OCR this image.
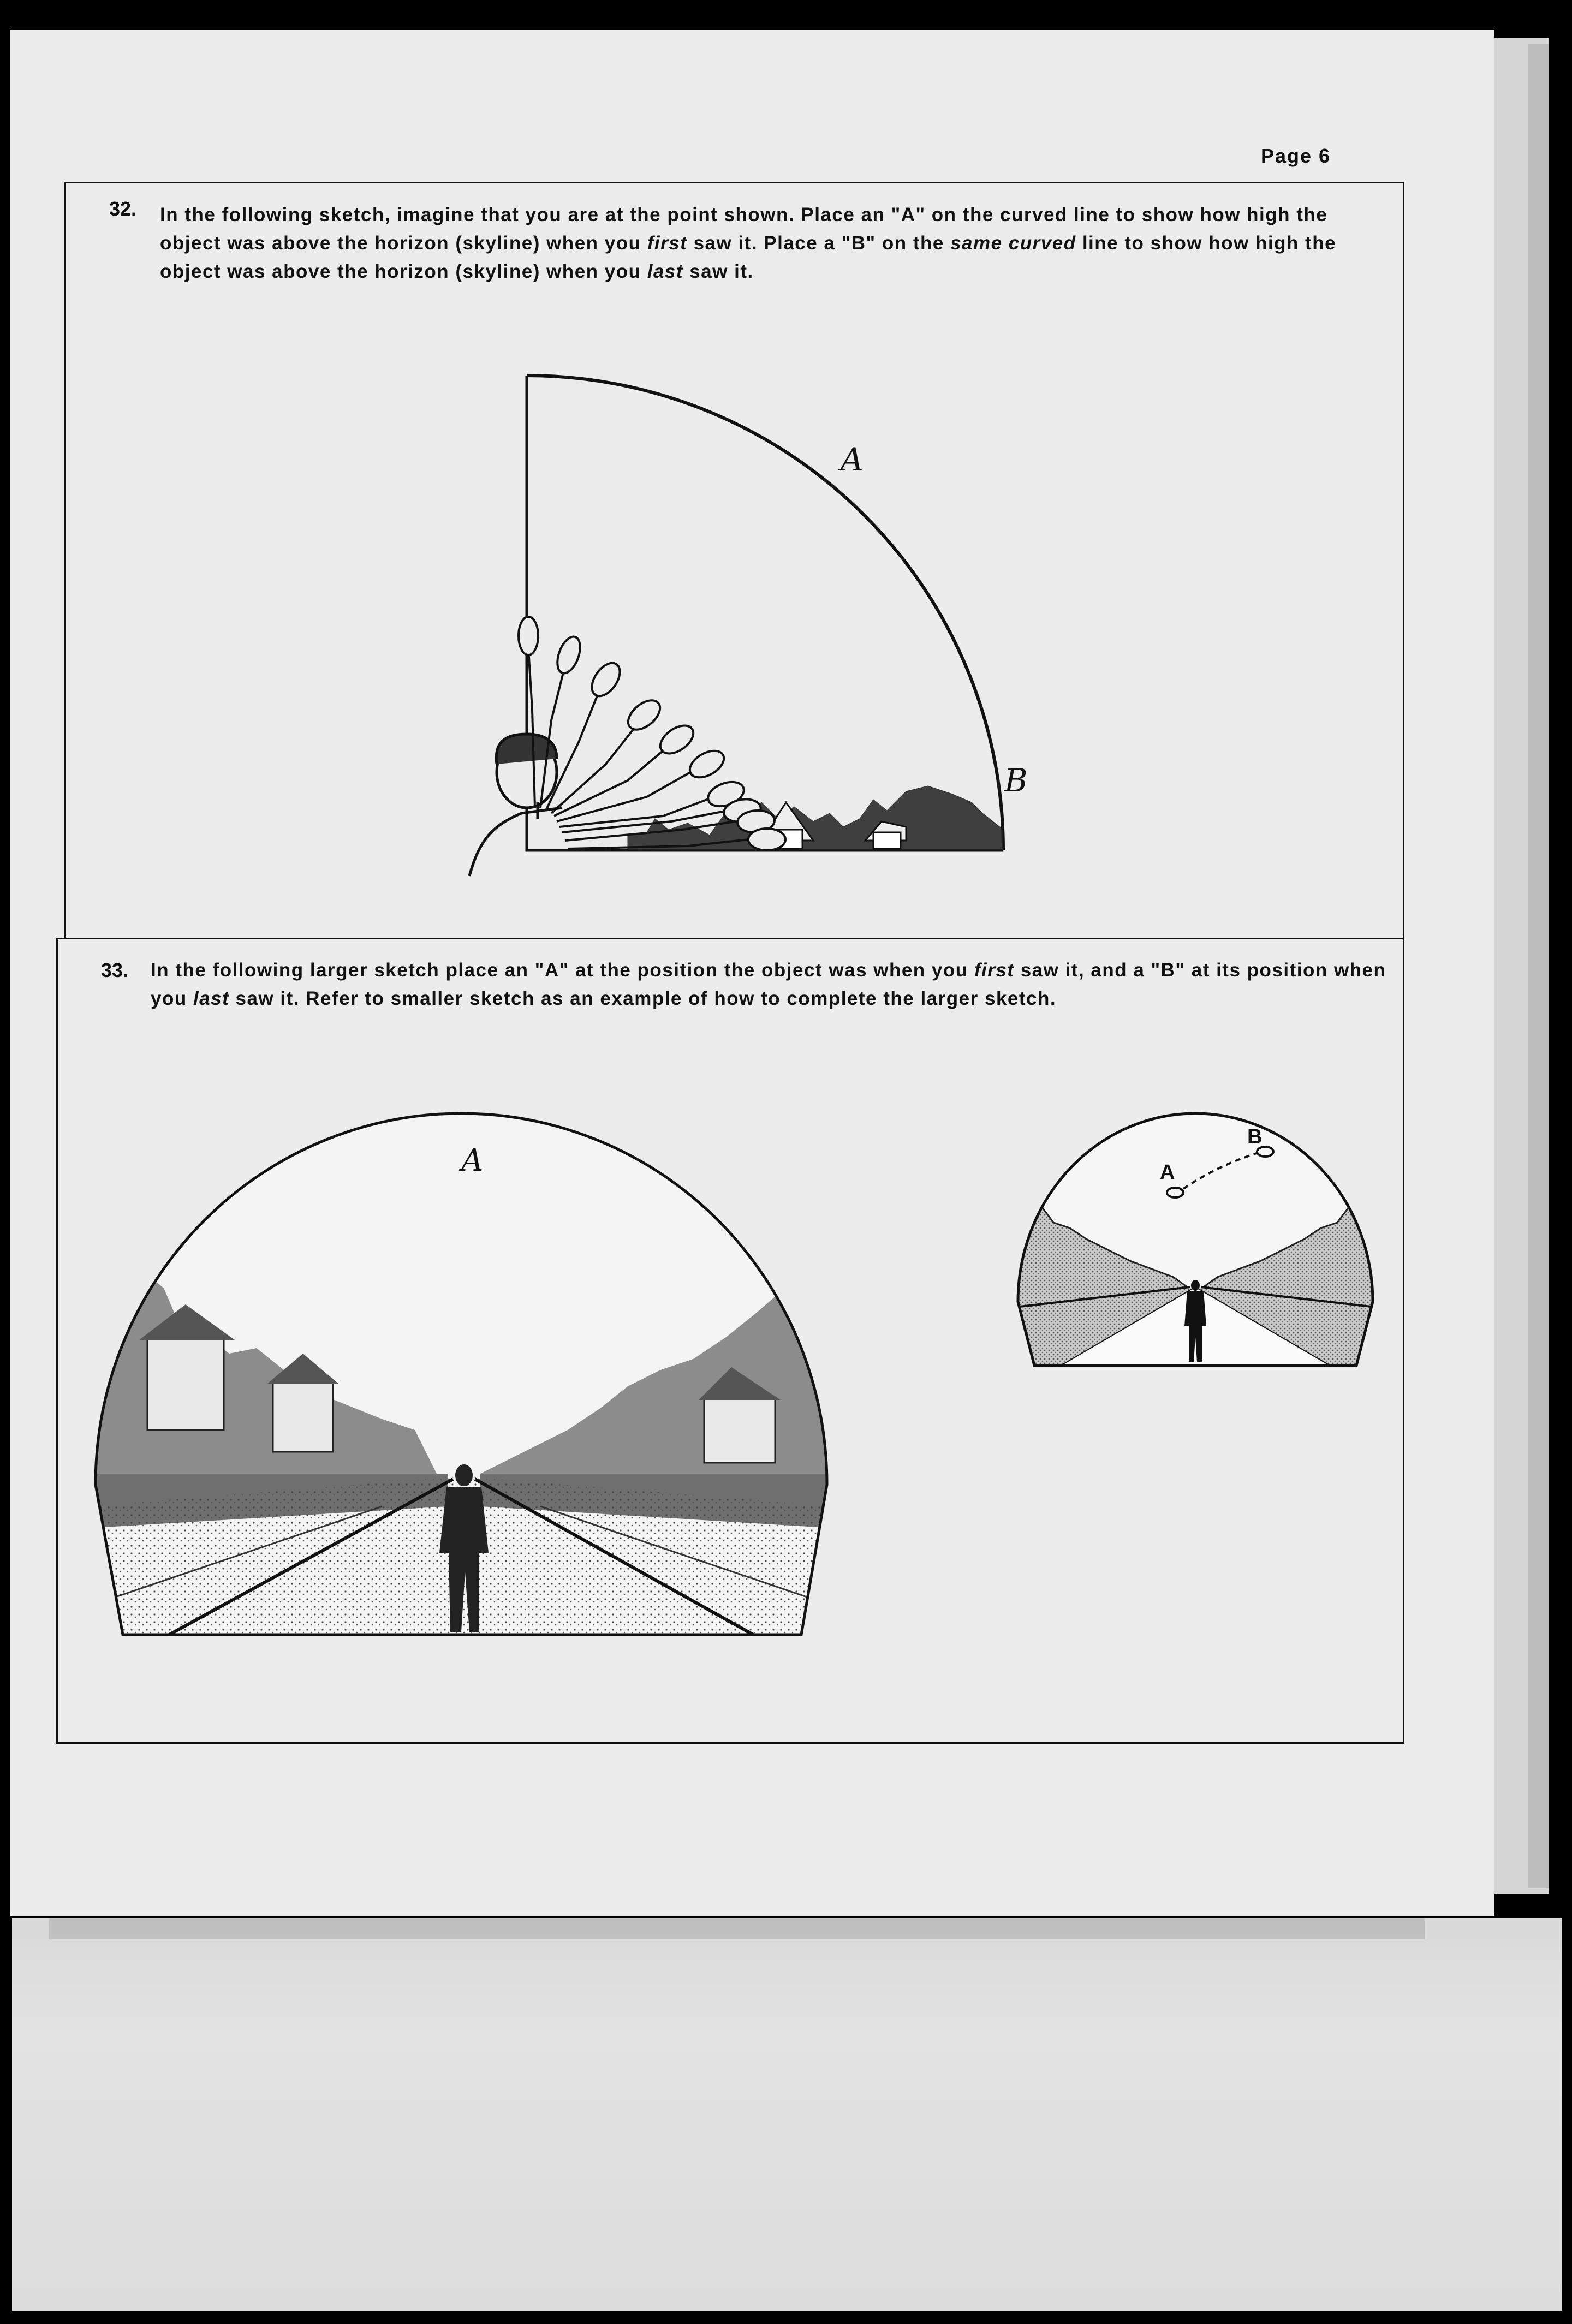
Page 6
32. In the following sketch, imagine that you are at the point shown. Place an "A" on the curved line to show how high the object was above the horizon (skyline) when you first saw it. Place a "B" on the same curved line to show how high the object was above the horizon (skyline) when you last saw it.
A
B
33. In the following larger sketch place an "A" at the position the object was when you first saw it, and a "B" at its position when you last saw it. Refer to smaller sketch as an example of how to complete the larger sketch.
A	A
B
